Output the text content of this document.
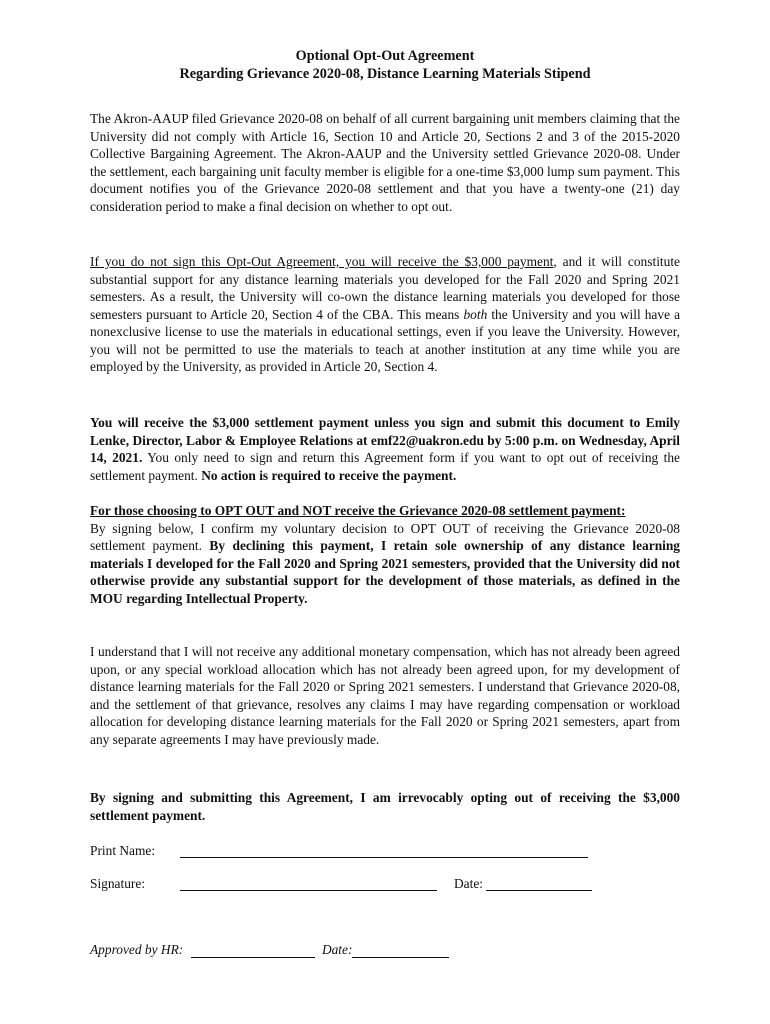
Optional Opt-Out Agreement
Regarding Grievance 2020-08, Distance Learning Materials Stipend

The Akron-AAUP filed Grievance 2020-08 on behalf of all current bargaining unit members claiming that the University did not comply with Article 16, Section 10 and Article 20, Sections 2 and 3 of the 2015-2020 Collective Bargaining Agreement. The Akron-AAUP and the University settled Grievance 2020-08. Under the settlement, each bargaining unit faculty member is eligible for a one-time $3,000 lump sum payment. This document notifies you of the Grievance 2020-08 settlement and that you have a twenty-one (21) day consideration period to make a final decision on whether to opt out.

If you do not sign this Opt-Out Agreement, you will receive the $3,000 payment, and it will constitute substantial support for any distance learning materials you developed for the Fall 2020 and Spring 2021 semesters. As a result, the University will co-own the distance learning materials you developed for those semesters pursuant to Article 20, Section 4 of the CBA. This means both the University and you will have a nonexclusive license to use the materials in educational settings, even if you leave the University. However, you will not be permitted to use the materials to teach at another institution at any time while you are employed by the University, as provided in Article 20, Section 4.

You will receive the $3,000 settlement payment unless you sign and submit this document to Emily Lenke, Director, Labor & Employee Relations at emf22@uakron.edu by 5:00 p.m. on Wednesday, April 14, 2021. You only need to sign and return this Agreement form if you want to opt out of receiving the settlement payment. No action is required to receive the payment.

For those choosing to OPT OUT and NOT receive the Grievance 2020-08 settlement payment:
By signing below, I confirm my voluntary decision to OPT OUT of receiving the Grievance 2020-08 settlement payment. By declining this payment, I retain sole ownership of any distance learning materials I developed for the Fall 2020 and Spring 2021 semesters, provided that the University did not otherwise provide any substantial support for the development of those materials, as defined in the MOU regarding Intellectual Property.

I understand that I will not receive any additional monetary compensation, which has not already been agreed upon, or any special workload allocation which has not already been agreed upon, for my development of distance learning materials for the Fall 2020 or Spring 2021 semesters. I understand that Grievance 2020-08, and the settlement of that grievance, resolves any claims I may have regarding compensation or workload allocation for developing distance learning materials for the Fall 2020 or Spring 2021 semesters, apart from any separate agreements I may have previously made.

By signing and submitting this Agreement, I am irrevocably opting out of receiving the $3,000 settlement payment.

Print Name:
Signature:	Date:
Approved by HR:	Date:
